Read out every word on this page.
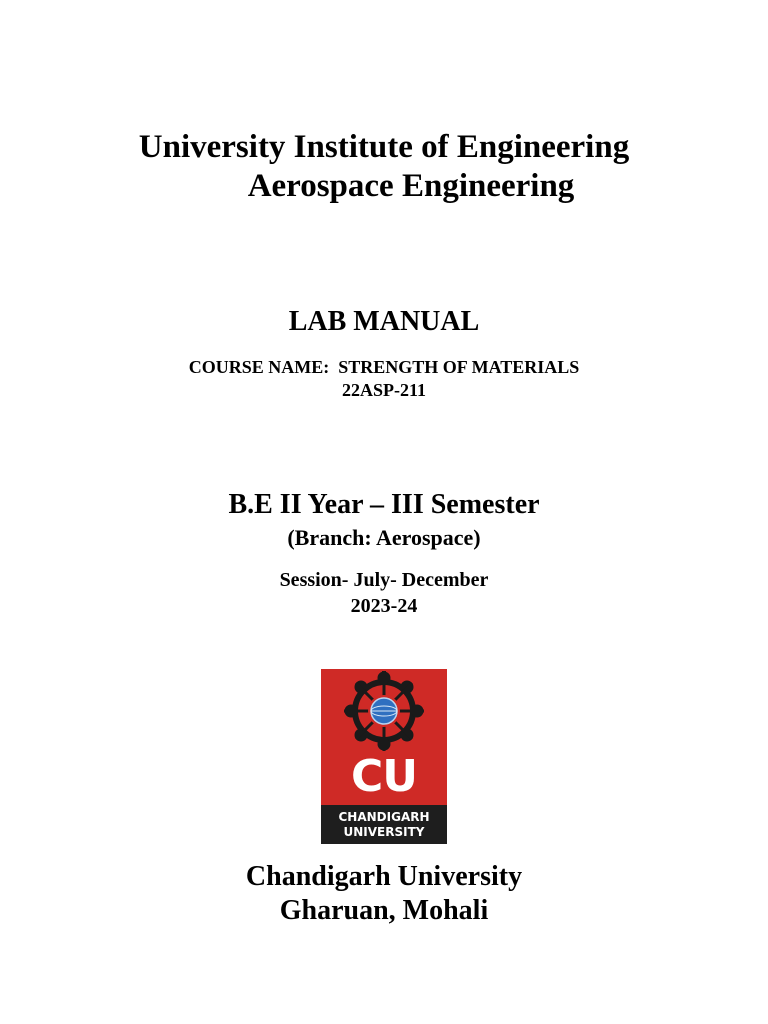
University Institute of Engineering
Aerospace Engineering
LAB MANUAL
COURSE NAME:  STRENGTH OF MATERIALS
22ASP-211
B.E II Year – III Semester
(Branch: Aerospace)
Session- July- December
2023-24
CU
CHANDIGARH
UNIVERSITY
Chandigarh University
Gharuan, Mohali
